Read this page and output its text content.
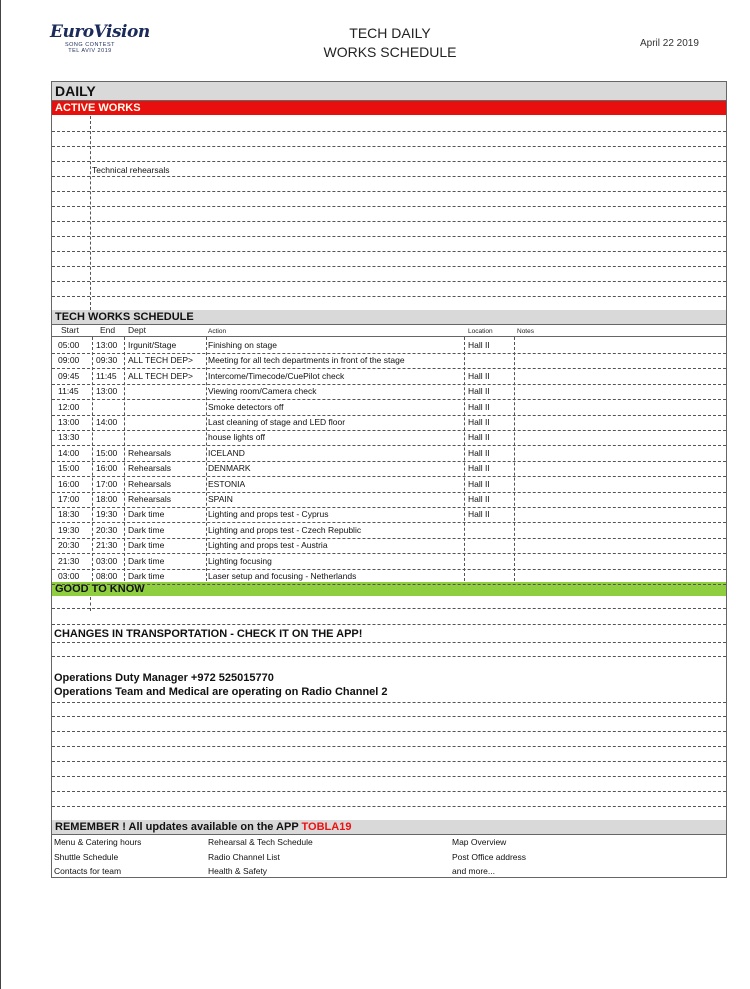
EuroVision
SONG CONTEST
TEL AVIV 2019
TECH DAILY
WORKS SCHEDULE
April 22 2019
DAILY
ACTIVE WORKS
Technical rehearsals
TECH WORKS SCHEDULE
Start End Dept	Action	Location	Notes
05:00 13:00 Irgunit/Stage	Finishing on stage	Hall II
09:00 09:30 ALL TECH DEP> Meeting for all tech departments in front of the stage
09:45 11:45 ALL TECH DEP> Intercome/Timecode/CuePilot check	Hall II
11:45 13:00	Viewing room/Camera check	Hall II
12:00	Smoke detectors off	Hall II
13:00 14:00	Last cleaning of stage and LED floor	Hall II
13:30	house lights off	Hall II
14:00 15:00 Rehearsals	ICELAND	Hall II
15:00 16:00 Rehearsals	DENMARK	Hall II
16:00 17:00 Rehearsals	ESTONIA	Hall II
17:00 18:00 Rehearsals	SPAIN	Hall II
18:30 19:30 Dark time	Lighting and props test - Cyprus	Hall II
19:30 20:30 Dark time	Lighting and props test - Czech Republic
20:30 21:30 Dark time	Lighting and props test - Austria
21:30 03:00 Dark time	Lighting focusing
03:00 08:00 Dark time	Laser setup and focusing - Netherlands
GOOD TO KNOW
CHANGES IN TRANSPORTATION - CHECK IT ON THE APP!
Operations Duty Manager +972 525015770
Operations Team and Medical are operating on Radio Channel 2
REMEMBER ! All updates available on the APP TOBLA19
Menu & Catering hours	Rehearsal & Tech Schedule	Map Overview
Shuttle Schedule	Radio Channel List	Post Office address
Contacts for team	Health & Safety	and more...
